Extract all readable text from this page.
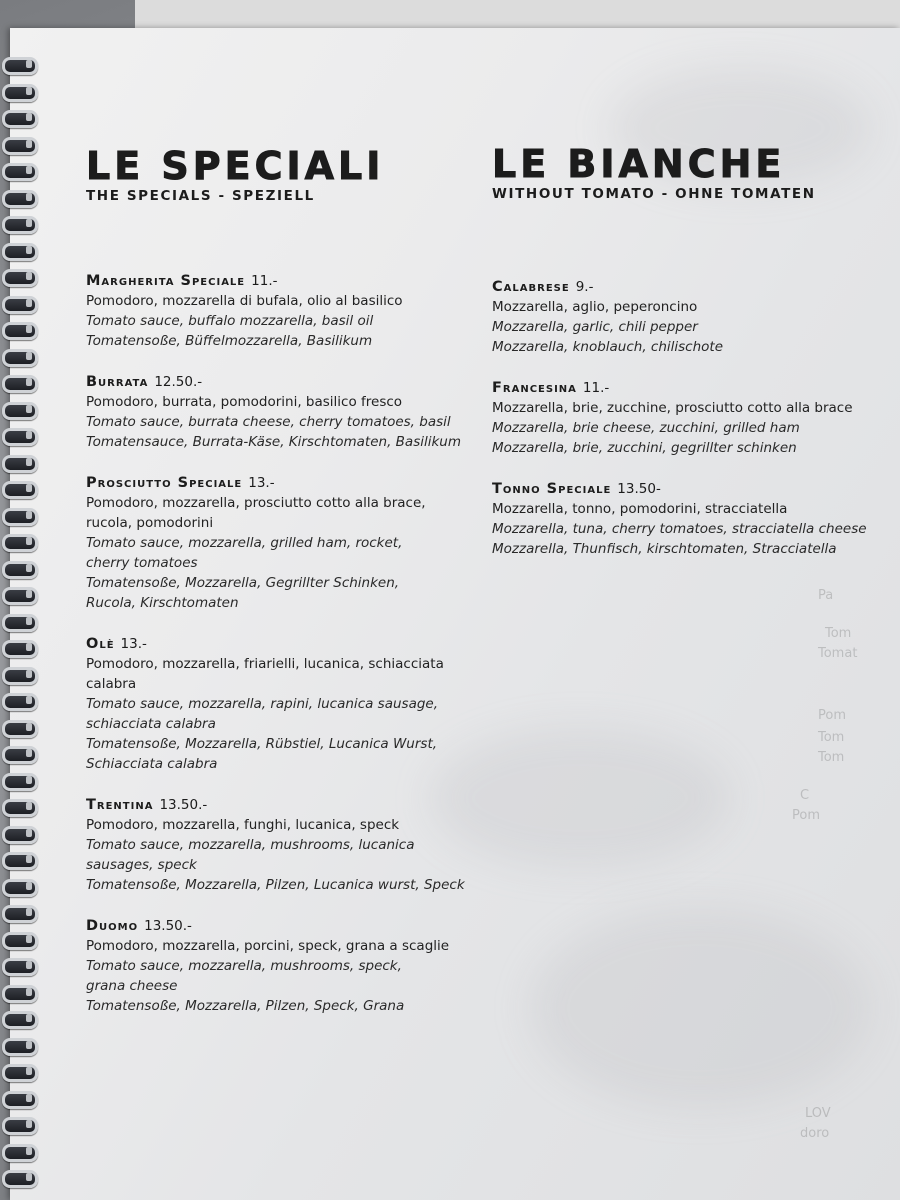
Pa
Tom
Tomat
Pom
Tom
Tom
C
Pom
LOV
doro
LE SPECIALI
THE SPECIALS - SPEZIELL
Margherita Speciale 11.-
Pomodoro, mozzarella di bufala, olio al basilico
Tomato sauce, buffalo mozzarella, basil oil
Tomatensoße, Büffelmozzarella, Basilikum
Burrata 12.50.-
Pomodoro, burrata, pomodorini, basilico fresco
Tomato sauce, burrata cheese, cherry tomatoes, basil
Tomatensauce, Burrata-Käse, Kirschtomaten, Basilikum
Prosciutto Speciale 13.-
Pomodoro, mozzarella, prosciutto cotto alla brace,
rucola, pomodorini
Tomato sauce, mozzarella, grilled ham, rocket,
cherry tomatoes
Tomatensoße, Mozzarella, Gegrillter Schinken,
Rucola, Kirschtomaten
Olè 13.-
Pomodoro, mozzarella, friarielli, lucanica, schiacciata
calabra
Tomato sauce, mozzarella, rapini, lucanica sausage,
schiacciata calabra
Tomatensoße, Mozzarella, Rübstiel, Lucanica Wurst,
Schiacciata calabra
Trentina 13.50.-
Pomodoro, mozzarella, funghi, lucanica, speck
Tomato sauce, mozzarella, mushrooms, lucanica
sausages, speck
Tomatensoße, Mozzarella, Pilzen, Lucanica wurst, Speck
Duomo 13.50.-
Pomodoro, mozzarella, porcini, speck, grana a scaglie
Tomato sauce, mozzarella, mushrooms, speck,
grana cheese
Tomatensoße, Mozzarella, Pilzen, Speck, Grana
LE BIANCHE
WITHOUT TOMATO - OHNE TOMATEN
Calabrese 9.-
Mozzarella, aglio, peperoncino
Mozzarella, garlic, chili pepper
Mozzarella, knoblauch, chilischote
Francesina 11.-
Mozzarella, brie, zucchine, prosciutto cotto alla brace
Mozzarella, brie cheese, zucchini, grilled ham
Mozzarella, brie, zucchini, gegrillter schinken
Tonno Speciale 13.50-
Mozzarella, tonno, pomodorini, stracciatella
Mozzarella, tuna, cherry tomatoes, stracciatella cheese
Mozzarella, Thunfisch, kirschtomaten, Stracciatella
